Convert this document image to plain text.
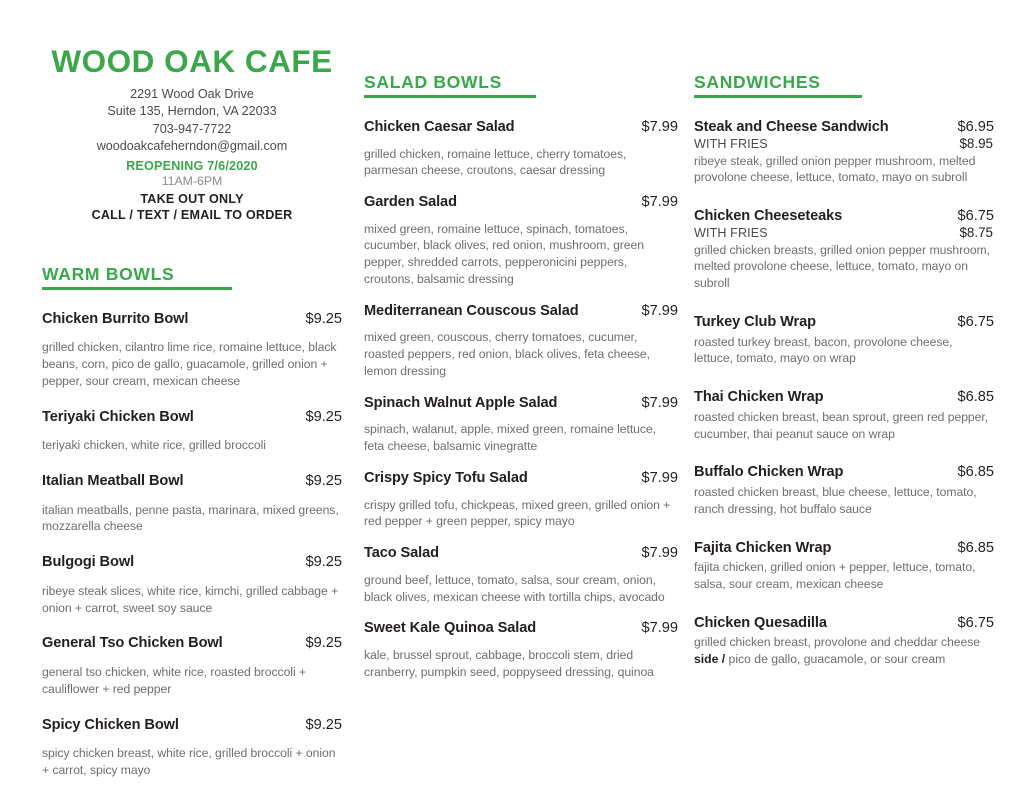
WOOD OAK CAFE
2291 Wood Oak Drive
Suite 135, Herndon, VA 22033
703-947-7722
woodoakcafeherndon@gmail.com
REOPENING 7/6/2020
11AM-6PM
TAKE OUT ONLY
CALL / TEXT / EMAIL TO ORDER
WARM BOWLS
Chicken Burrito Bowl	$9.25
grilled chicken, cilantro lime rice, romaine lettuce, black beans, corn, pico de gallo, guacamole, grilled onion + pepper, sour cream, mexican cheese
Teriyaki Chicken Bowl	$9.25
teriyaki chicken, white rice, grilled broccoli
Italian Meatball Bowl	$9.25
italian meatballs, penne pasta, marinara, mixed greens, mozzarella cheese
Bulgogi Bowl	$9.25
ribeye steak slices, white rice, kimchi, grilled cabbage + onion + carrot, sweet soy sauce
General Tso Chicken Bowl	$9.25
general tso chicken, white rice, roasted broccoli + cauliflower + red pepper
Spicy Chicken Bowl	$9.25
spicy chicken breast, white rice, grilled broccoli + onion + carrot, spicy mayo
SALAD BOWLS
Chicken Caesar Salad	$7.99
grilled chicken, romaine lettuce, cherry tomatoes, parmesan cheese, croutons, caesar dressing
Garden Salad	$7.99
mixed green, romaine lettuce, spinach, tomatoes, cucumber, black olives, red onion, mushroom, green pepper, shredded carrots, pepperonicini peppers, croutons, balsamic dressing
Mediterranean Couscous Salad	$7.99
mixed green, couscous, cherry tomatoes, cucumer, roasted peppers, red onion, black olives, feta cheese, lemon dressing
Spinach Walnut Apple Salad	$7.99
spinach, walanut, apple, mixed green, romaine lettuce, feta cheese, balsamic vinegratte
Crispy Spicy Tofu Salad	$7.99
crispy grilled tofu, chickpeas, mixed green, grilled onion + red pepper + green pepper, spicy mayo
Taco Salad	$7.99
ground beef, lettuce, tomato, salsa, sour cream, onion, black olives, mexican cheese with tortilla chips, avocado
Sweet Kale Quinoa Salad	$7.99
kale, brussel sprout, cabbage, broccoli stem, dried cranberry, pumpkin seed, poppyseed dressing, quinoa
SANDWICHES
Steak and Cheese Sandwich	$6.95
WITH FRIES	$8.95
ribeye steak, grilled onion pepper mushroom, melted provolone cheese, lettuce, tomato, mayo on subroll
Chicken Cheeseteaks	$6.75
WITH FRIES	$8.75
grilled chicken breasts, grilled onion pepper mushroom, melted provolone cheese, lettuce, tomato, mayo on subroll
Turkey Club Wrap	$6.75
roasted turkey breast, bacon, provolone cheese, lettuce, tomato, mayo on wrap
Thai Chicken Wrap	$6.85
roasted chicken breast, bean sprout, green red pepper, cucumber, thai peanut sauce on wrap
Buffalo Chicken Wrap	$6.85
roasted chicken breast, blue cheese, lettuce, tomato, ranch dressing, hot buffalo sauce
Fajita Chicken Wrap	$6.85
fajita chicken, grilled onion + pepper, lettuce, tomato, salsa, sour cream, mexican cheese
Chicken Quesadilla	$6.75
grilled chicken breast, provolone and cheddar cheese
side / pico de gallo, guacamole, or sour cream
